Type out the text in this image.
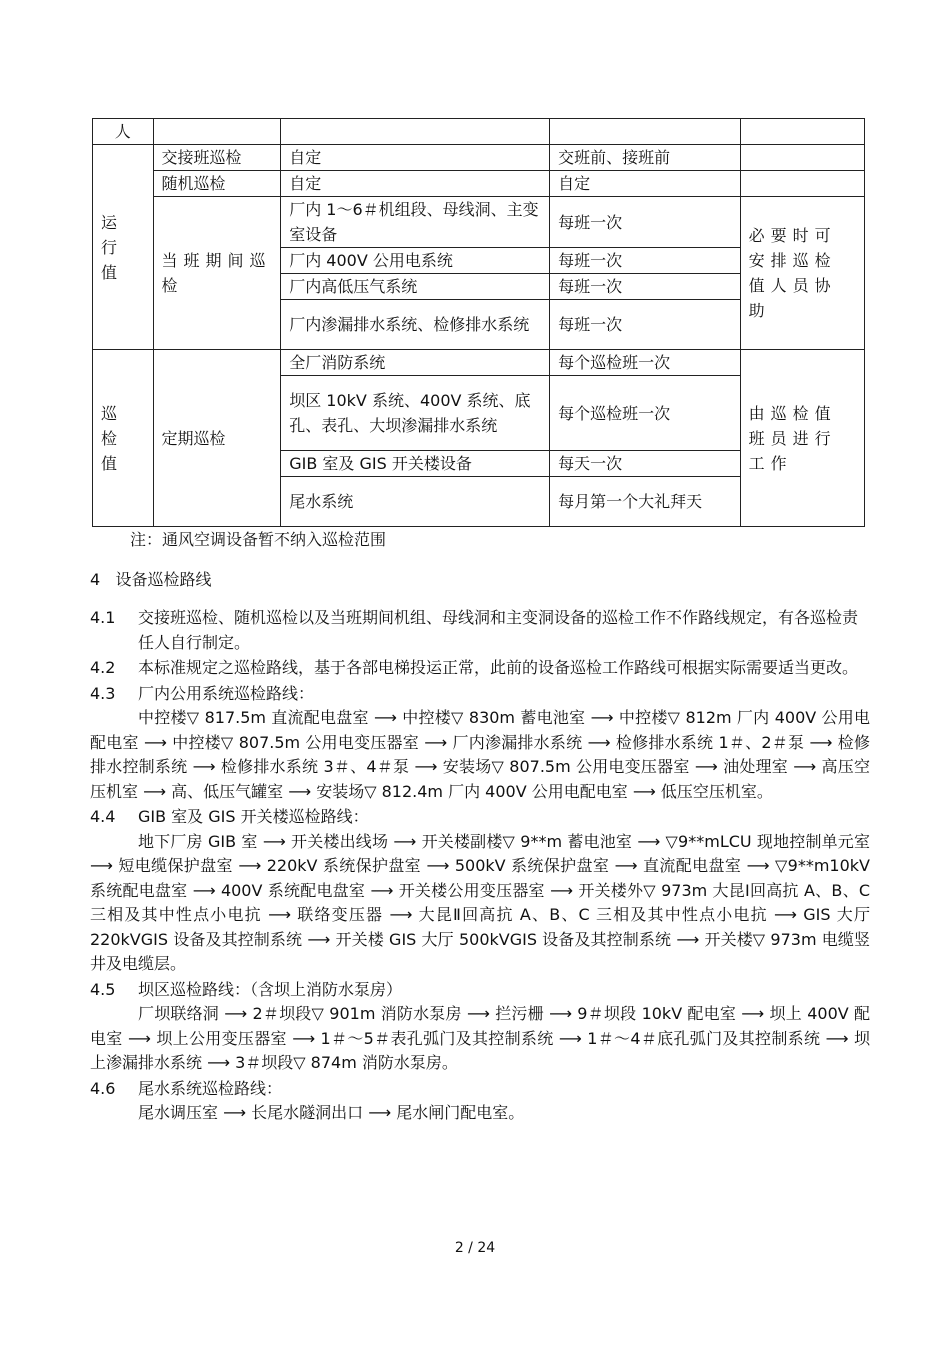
人				
运 行 值	交接班巡检	自定	交班前、接班前	
	随机巡检	自定	自定	
	当班期间巡检	厂内 1～6＃机组段、母线洞、主变室设备	每班一次	必要时可安排巡检值人员协助
		厂内 400V 公用电系统	每班一次	
		厂内高低压气系统	每班一次	
		厂内渗漏排水系统、检修排水系统	每班一次	
巡 检 值	定期巡检	全厂消防系统	每个巡检班一次	由巡检值班员进行工作
		坝区 10kV 系统、400V 系统、底孔、表孔、大坝渗漏排水系统	每个巡检班一次	
		GIB 室及 GIS 开关楼设备	每天一次	
		尾水系统	每月第一个大礼拜天	
注：通风空调设备暂不纳入巡检范围
4 设备巡检路线
4.1 交接班巡检、随机巡检以及当班期间机组、母线洞和主变洞设备的巡检工作不作路线规定，有各巡检责任人自行制定。
4.2 本标准规定之巡检路线，基于各部电梯投运正常，此前的设备巡检工作路线可根据实际需要适当更改。
4.3 厂内公用系统巡检路线：
中控楼▽ 817.5m 直流配电盘室 ⟶ 中控楼▽ 830m 蓄电池室 ⟶ 中控楼▽ 812m 厂内 400V 公用电配电室 ⟶ 中控楼▽ 807.5m 公用电变压器室 ⟶ 厂内渗漏排水系统 ⟶ 检修排水系统 1＃、2＃泵 ⟶ 检修排水控制系统 ⟶ 检修排水系统 3＃、4＃泵 ⟶ 安装场▽ 807.5m 公用电变压器室 ⟶ 油处理室 ⟶ 高压空压机室 ⟶ 高、低压气罐室 ⟶ 安装场▽ 812.4m 厂内 400V 公用电配电室 ⟶ 低压空压机室。
4.4 GIB 室及 GIS 开关楼巡检路线：
地下厂房 GIB 室 ⟶ 开关楼出线场 ⟶ 开关楼副楼▽ 9**m 蓄电池室 ⟶ ▽9**mLCU 现地控制单元室 ⟶ 短电缆保护盘室 ⟶ 220kV 系统保护盘室 ⟶ 500kV 系统保护盘室 ⟶ 直流配电盘室 ⟶ ▽9**m10kV 系统配电盘室 ⟶ 400V 系统配电盘室 ⟶ 开关楼公用变压器室 ⟶ 开关楼外▽ 973m 大昆Ⅰ回高抗 A、B、C 三相及其中性点小电抗 ⟶ 联络变压器 ⟶ 大昆Ⅱ回高抗 A、B、C 三相及其中性点小电抗 ⟶ GIS 大厅 220kVGIS 设备及其控制系统 ⟶ 开关楼 GIS 大厅 500kVGIS 设备及其控制系统 ⟶ 开关楼▽ 973m 电缆竖井及电缆层。
4.5 坝区巡检路线：（含坝上消防水泵房）
厂坝联络洞 ⟶ 2＃坝段▽ 901m 消防水泵房 ⟶ 拦污栅 ⟶ 9＃坝段 10kV 配电室 ⟶ 坝上 400V 配电室 ⟶ 坝上公用变压器室 ⟶ 1＃～5＃表孔弧门及其控制系统 ⟶ 1＃～4＃底孔弧门及其控制系统 ⟶ 坝上渗漏排水系统 ⟶ 3＃坝段▽ 874m 消防水泵房。
4.6 尾水系统巡检路线：
尾水调压室 ⟶ 长尾水隧洞出口 ⟶ 尾水闸门配电室。
2 / 24
